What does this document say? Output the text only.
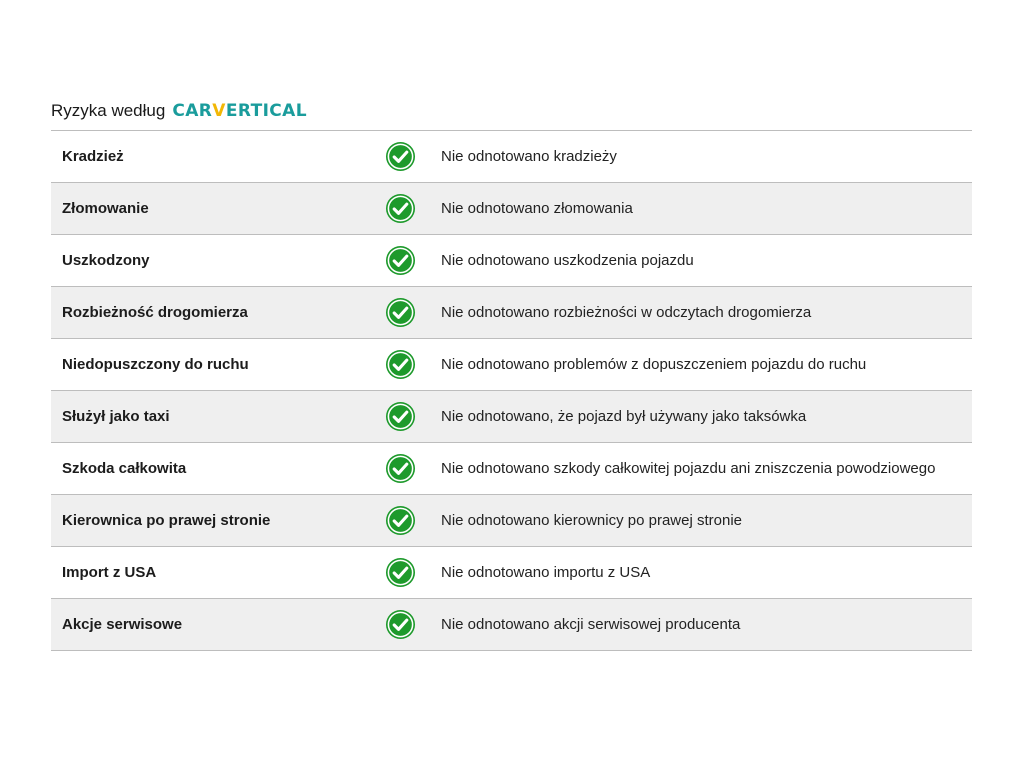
Ryzyka według CARVERTICAL
Kradzież	Nie odnotowano kradzieży
Złomowanie	Nie odnotowano złomowania
Uszkodzony	Nie odnotowano uszkodzenia pojazdu
Rozbieżność drogomierza	Nie odnotowano rozbieżności w odczytach drogomierza
Niedopuszczony do ruchu	Nie odnotowano problemów z dopuszczeniem pojazdu do ruchu
Służył jako taxi	Nie odnotowano, że pojazd był używany jako taksówka
Szkoda całkowita	Nie odnotowano szkody całkowitej pojazdu ani zniszczenia powodziowego
Kierownica po prawej stronie	Nie odnotowano kierownicy po prawej stronie
Import z USA	Nie odnotowano importu z USA
Akcje serwisowe	Nie odnotowano akcji serwisowej producenta
